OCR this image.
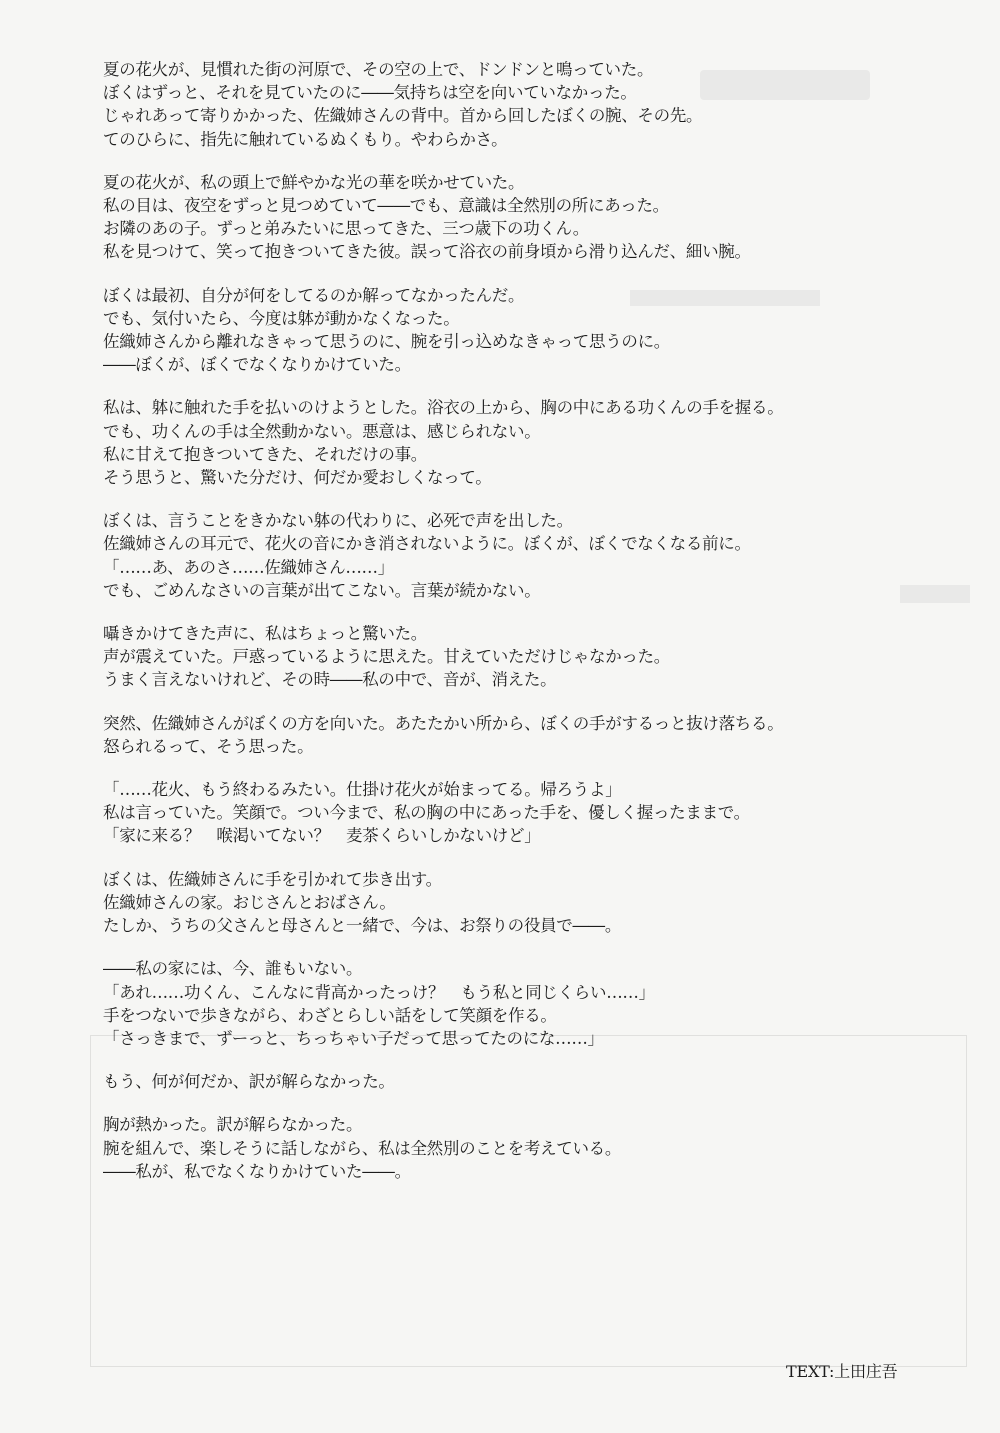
夏の花火が、見慣れた街の河原で、その空の上で、ドンドンと鳴っていた。
ぼくはずっと、それを見ていたのに――気持ちは空を向いていなかった。
じゃれあって寄りかかった、佐織姉さんの背中。首から回したぼくの腕、その先。
てのひらに、指先に触れているぬくもり。やわらかさ。
夏の花火が、私の頭上で鮮やかな光の華を咲かせていた。
私の目は、夜空をずっと見つめていて――でも、意識は全然別の所にあった。
お隣のあの子。ずっと弟みたいに思ってきた、三つ歳下の功くん。
私を見つけて、笑って抱きついてきた彼。誤って浴衣の前身頃から滑り込んだ、細い腕。
ぼくは最初、自分が何をしてるのか解ってなかったんだ。
でも、気付いたら、今度は躰が動かなくなった。
佐織姉さんから離れなきゃって思うのに、腕を引っ込めなきゃって思うのに。
――ぼくが、ぼくでなくなりかけていた。
私は、躰に触れた手を払いのけようとした。浴衣の上から、胸の中にある功くんの手を握る。
でも、功くんの手は全然動かない。悪意は、感じられない。
私に甘えて抱きついてきた、それだけの事。
そう思うと、驚いた分だけ、何だか愛おしくなって。
ぼくは、言うことをきかない躰の代わりに、必死で声を出した。
佐織姉さんの耳元で、花火の音にかき消されないように。ぼくが、ぼくでなくなる前に。
「……あ、あのさ……佐織姉さん……」
でも、ごめんなさいの言葉が出てこない。言葉が続かない。
囁きかけてきた声に、私はちょっと驚いた。
声が震えていた。戸惑っているように思えた。甘えていただけじゃなかった。
うまく言えないけれど、その時――私の中で、音が、消えた。
突然、佐織姉さんがぼくの方を向いた。あたたかい所から、ぼくの手がするっと抜け落ちる。
怒られるって、そう思った。
「……花火、もう終わるみたい。仕掛け花火が始まってる。帰ろうよ」
私は言っていた。笑顔で。つい今まで、私の胸の中にあった手を、優しく握ったままで。
「家に来る？　喉渇いてない？　麦茶くらいしかないけど」
ぼくは、佐織姉さんに手を引かれて歩き出す。
佐織姉さんの家。おじさんとおばさん。
たしか、うちの父さんと母さんと一緒で、今は、お祭りの役員で――。
――私の家には、今、誰もいない。
「あれ……功くん、こんなに背高かったっけ？　もう私と同じくらい……」
手をつないで歩きながら、わざとらしい話をして笑顔を作る。
「さっきまで、ずーっと、ちっちゃい子だって思ってたのにな……」
もう、何が何だか、訳が解らなかった。
胸が熱かった。訳が解らなかった。
腕を組んで、楽しそうに話しながら、私は全然別のことを考えている。
――私が、私でなくなりかけていた――。
TEXT:上田庄吾
